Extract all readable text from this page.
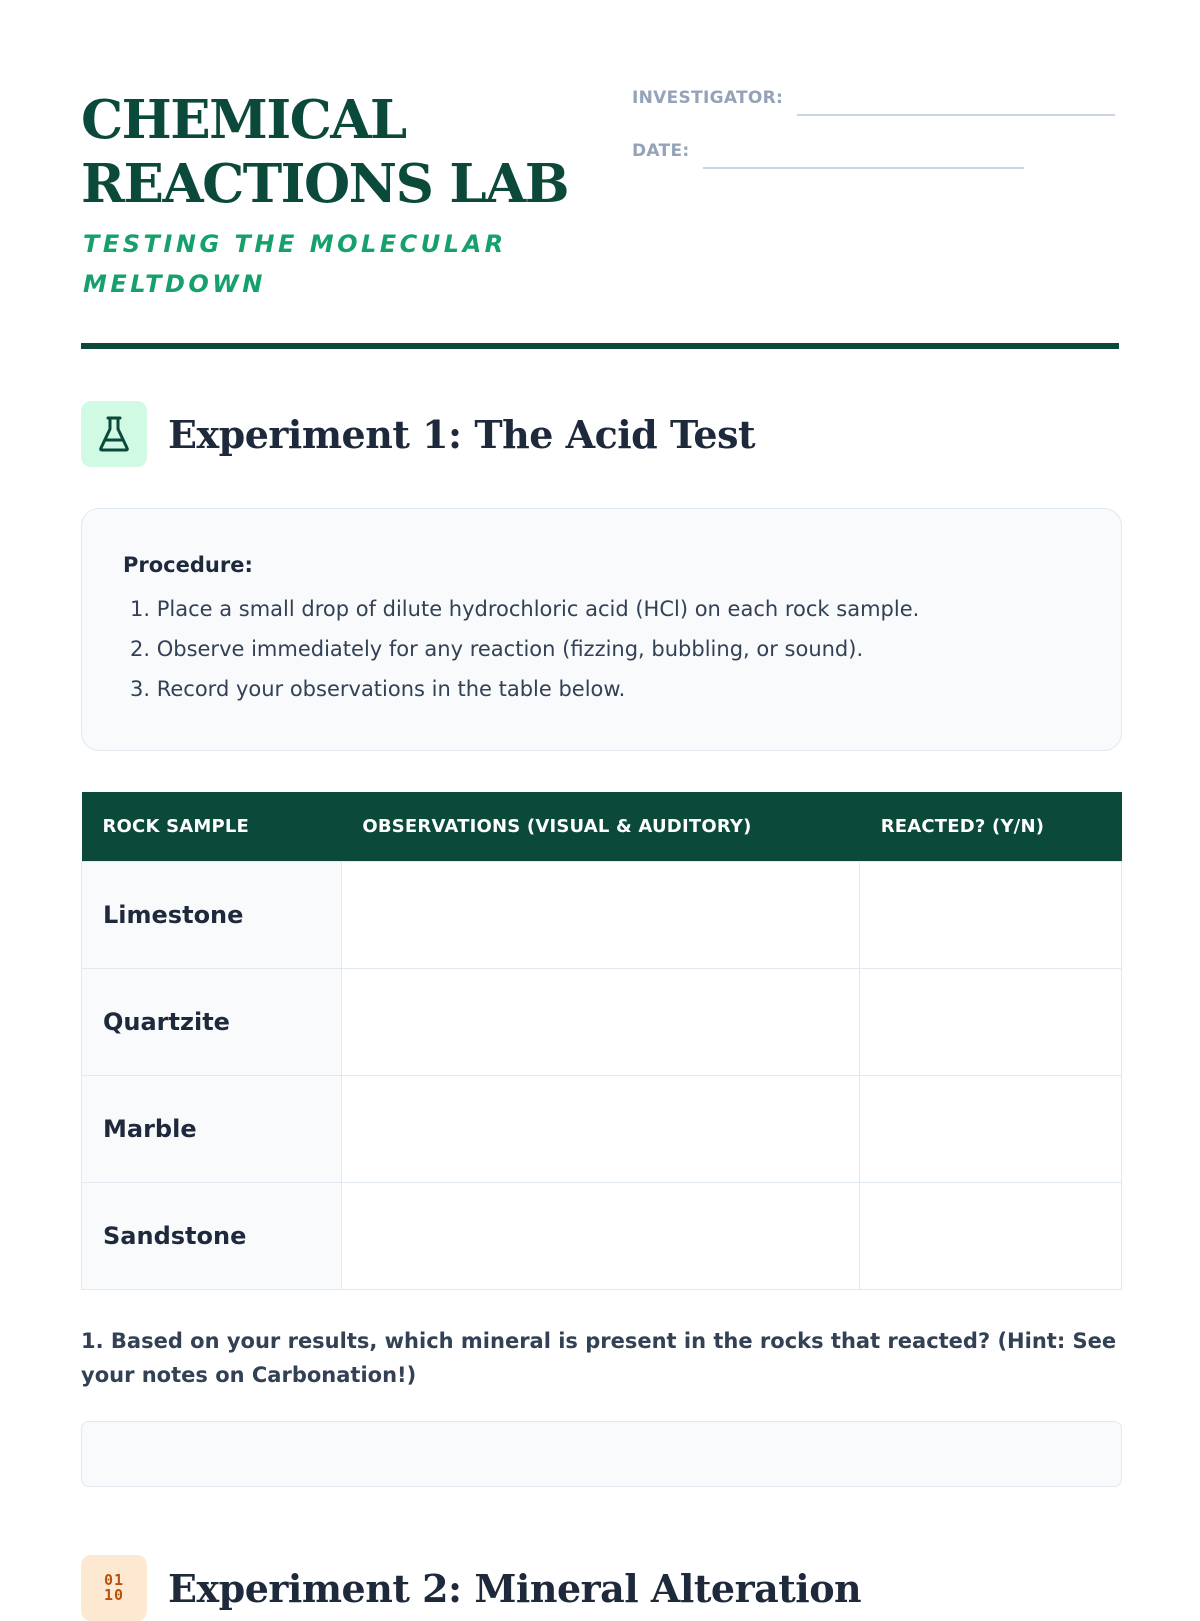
CHEMICAL
REACTIONS LAB
TESTING THE MOLECULAR MELTDOWN
INVESTIGATOR:
DATE:
Experiment 1: The Acid Test
Procedure:
1. Place a small drop of dilute hydrochloric acid (HCl) on each rock sample.
2. Observe immediately for any reaction (fizzing, bubbling, or sound).
3. Record your observations in the table below.
ROCK SAMPLE	OBSERVATIONS (VISUAL & AUDITORY)	REACTED? (Y/N)
Limestone		
Quartzite		
Marble		
Sandstone		
1. Based on your results, which mineral is present in the rocks that reacted? (Hint: See your notes on Carbonation!)
01
10 Experiment 2: Mineral Alteration
